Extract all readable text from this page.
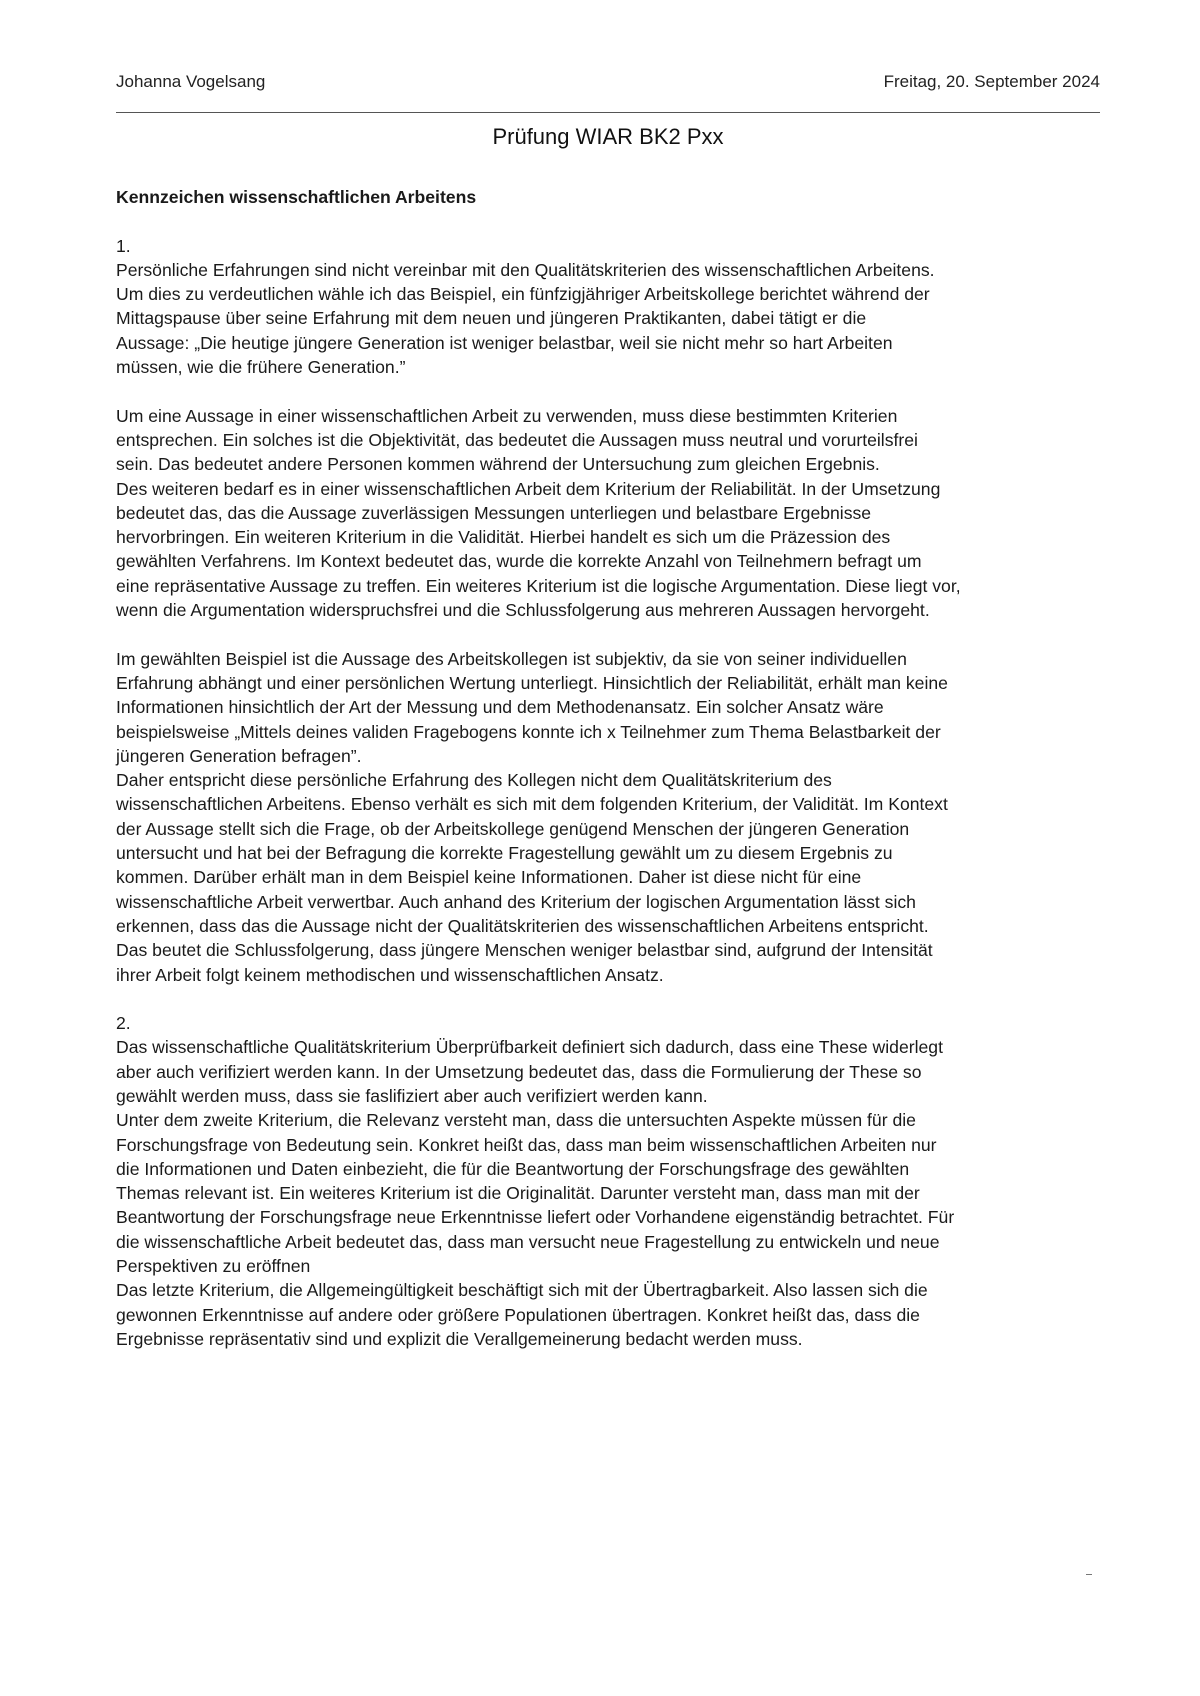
Johanna Vogelsang	Freitag, 20. September 2024
Prüfung WIAR BK2 Pxx
Kennzeichen wissenschaftlichen Arbeitens
1.
Persönliche Erfahrungen sind nicht vereinbar mit den Qualitätskriterien des wissenschaftlichen Arbeitens.
Um dies zu verdeutlichen wähle ich das Beispiel, ein fünfzigjähriger Arbeitskollege berichtet während der
Mittagspause über seine Erfahrung mit dem neuen und jüngeren Praktikanten, dabei tätigt er die
Aussage: „Die heutige jüngere Generation ist weniger belastbar, weil sie nicht mehr so hart Arbeiten
müssen, wie die frühere Generation.”
Um eine Aussage in einer wissenschaftlichen Arbeit zu verwenden, muss diese bestimmten Kriterien
entsprechen. Ein solches ist die Objektivität, das bedeutet die Aussagen muss neutral und vorurteilsfrei
sein. Das bedeutet andere Personen kommen während der Untersuchung zum gleichen Ergebnis.
Des weiteren bedarf es in einer wissenschaftlichen Arbeit dem Kriterium der Reliabilität. In der Umsetzung
bedeutet das, das die Aussage zuverlässigen Messungen unterliegen und belastbare Ergebnisse
hervorbringen. Ein weiteren Kriterium in die Validität. Hierbei handelt es sich um die Präzession des
gewählten Verfahrens. Im Kontext bedeutet das, wurde die korrekte Anzahl von Teilnehmern befragt um
eine repräsentative Aussage zu treffen. Ein weiteres Kriterium ist die logische Argumentation. Diese liegt vor,
wenn die Argumentation widerspruchsfrei und die Schlussfolgerung aus mehreren Aussagen hervorgeht.
Im gewählten Beispiel ist die Aussage des Arbeitskollegen ist subjektiv, da sie von seiner individuellen
Erfahrung abhängt und einer persönlichen Wertung unterliegt. Hinsichtlich der Reliabilität, erhält man keine
Informationen hinsichtlich der Art der Messung und dem Methodenansatz. Ein solcher Ansatz wäre
beispielsweise „Mittels deines validen Fragebogens konnte ich x Teilnehmer zum Thema Belastbarkeit der
jüngeren Generation befragen”.
Daher entspricht diese persönliche Erfahrung des Kollegen nicht dem Qualitätskriterium des
wissenschaftlichen Arbeitens. Ebenso verhält es sich mit dem folgenden Kriterium, der Validität. Im Kontext
der Aussage stellt sich die Frage, ob der Arbeitskollege genügend Menschen der jüngeren Generation
untersucht und hat bei der Befragung die korrekte Fragestellung gewählt um zu diesem Ergebnis zu
kommen. Darüber erhält man in dem Beispiel keine Informationen. Daher ist diese nicht für eine
wissenschaftliche Arbeit verwertbar. Auch anhand des Kriterium der logischen Argumentation lässt sich
erkennen, dass das die Aussage nicht der Qualitätskriterien des wissenschaftlichen Arbeitens entspricht.
Das beutet die Schlussfolgerung, dass jüngere Menschen weniger belastbar sind, aufgrund der Intensität
ihrer Arbeit folgt keinem methodischen und wissenschaftlichen Ansatz.
2.
Das wissenschaftliche Qualitätskriterium Überprüfbarkeit definiert sich dadurch, dass eine These widerlegt
aber auch verifiziert werden kann. In der Umsetzung bedeutet das, dass die Formulierung der These so
gewählt werden muss, dass sie faslifiziert aber auch verifiziert werden kann.
Unter dem zweite Kriterium, die Relevanz versteht man, dass die untersuchten Aspekte müssen für die
Forschungsfrage von Bedeutung sein. Konkret heißt das, dass man beim wissenschaftlichen Arbeiten nur
die Informationen und Daten einbezieht, die für die Beantwortung der Forschungsfrage des gewählten
Themas relevant ist. Ein weiteres Kriterium ist die Originalität. Darunter versteht man, dass man mit der
Beantwortung der Forschungsfrage neue Erkenntnisse liefert oder Vorhandene eigenständig betrachtet. Für
die wissenschaftliche Arbeit bedeutet das, dass man versucht neue Fragestellung zu entwickeln und neue
Perspektiven zu eröffnen
Das letzte Kriterium, die Allgemeingültigkeit beschäftigt sich mit der Übertragbarkeit. Also lassen sich die
gewonnen Erkenntnisse auf andere oder größere Populationen übertragen. Konkret heißt das, dass die
Ergebnisse repräsentativ sind und explizit die Verallgemeinerung bedacht werden muss.
